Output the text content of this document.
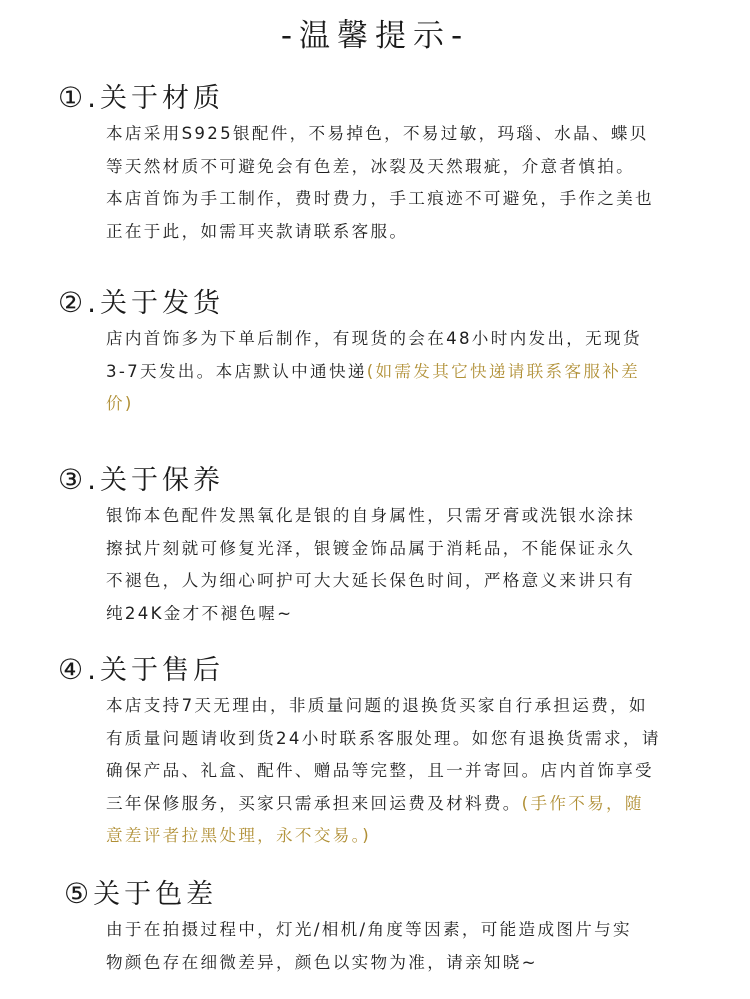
-温馨提示-
①.关于材质
本店采用S925银配件，不易掉色，不易过敏，玛瑙、水晶、蝶贝
等天然材质不可避免会有色差，冰裂及天然瑕疵，介意者慎拍。
本店首饰为手工制作，费时费力，手工痕迹不可避免，手作之美也
正在于此，如需耳夹款请联系客服。
②.关于发货
店内首饰多为下单后制作，有现货的会在48小时内发出，无现货
3-7天发出。本店默认中通快递(如需发其它快递请联系客服补差
价)
③.关于保养
银饰本色配件发黑氧化是银的自身属性，只需牙膏或洗银水涂抹
擦拭片刻就可修复光泽，银镀金饰品属于消耗品，不能保证永久
不褪色，人为细心呵护可大大延长保色时间，严格意义来讲只有
纯24K金才不褪色喔~
④.关于售后
本店支持7天无理由，非质量问题的退换货买家自行承担运费，如
有质量问题请收到货24小时联系客服处理。如您有退换货需求，请
确保产品、礼盒、配件、赠品等完整，且一并寄回。店内首饰享受
三年保修服务，买家只需承担来回运费及材料费。(手作不易，随
意差评者拉黑处理，永不交易。)
⑤关于色差
由于在拍摄过程中，灯光/相机/角度等因素，可能造成图片与实
物颜色存在细微差异，颜色以实物为准，请亲知晓~
